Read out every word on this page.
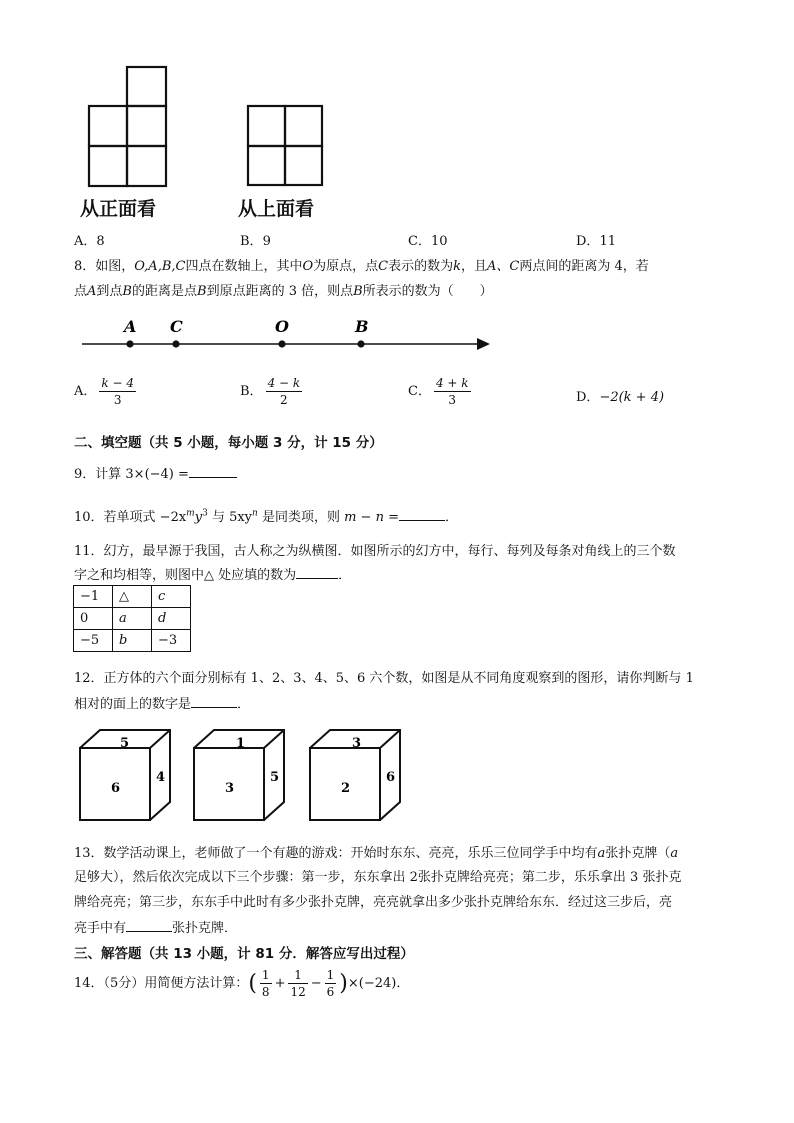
从正面看	从上面看
A．8	B．9	C．10	D．11
8．如图，O,A,B,C四点在数轴上，其中O为原点，点C表示的数为k，且A、C两点间的距离为 4，若
点A到点B的距离是点B到原点距离的 3 倍，则点B所表示的数为（　　）
A C	O	B
A． $\frac{k - 4}{3}$	B． $\frac{4 - k}{2}$	C． $\frac{4 + k}{3}$	D．−2(k + 4)
二、填空题（共 5 小题，每小题 3 分，计 15 分）
9．计算 3×(−4) =
10．若单项式 $-2x^my^3$ 与 $5xy^n$ 是同类项，则 m − n =	．
11．幻方，最早源于我国，古人称之为纵横图．如图所示的幻方中，每行、每列及每条对角线上的三个数
字之和均相等，则图中△ 处应填的数为	．
−1	△	c
0	a	d
−5	b	−3
12．正方体的六个面分别标有 1、2、3、4、5、6 六个数，如图是从不同角度观察到的图形，请你判断与 1
相对的面上的数字是	．
5
6
4
1
3
5
3
2
6
13．数学活动课上，老师做了一个有趣的游戏：开始时东东、亮亮，乐乐三位同学手中均有a张扑克牌（a
足够大），然后依次完成以下三个步骤：第一步，东东拿出 2张扑克牌给亮亮；第二步，乐乐拿出 3 张扑克
牌给亮亮；第三步，东东手中此时有多少张扑克牌，亮亮就拿出多少张扑克牌给东东．经过这三步后，亮
亮手中有	张扑克牌．
三、解答题（共 13 小题，计 81 分．解答应写出过程）
14．（5分）用简便方法计算：( $\frac{1}{8} + \frac{1}{12} - \frac{1}{6} )\times(-24)$．
